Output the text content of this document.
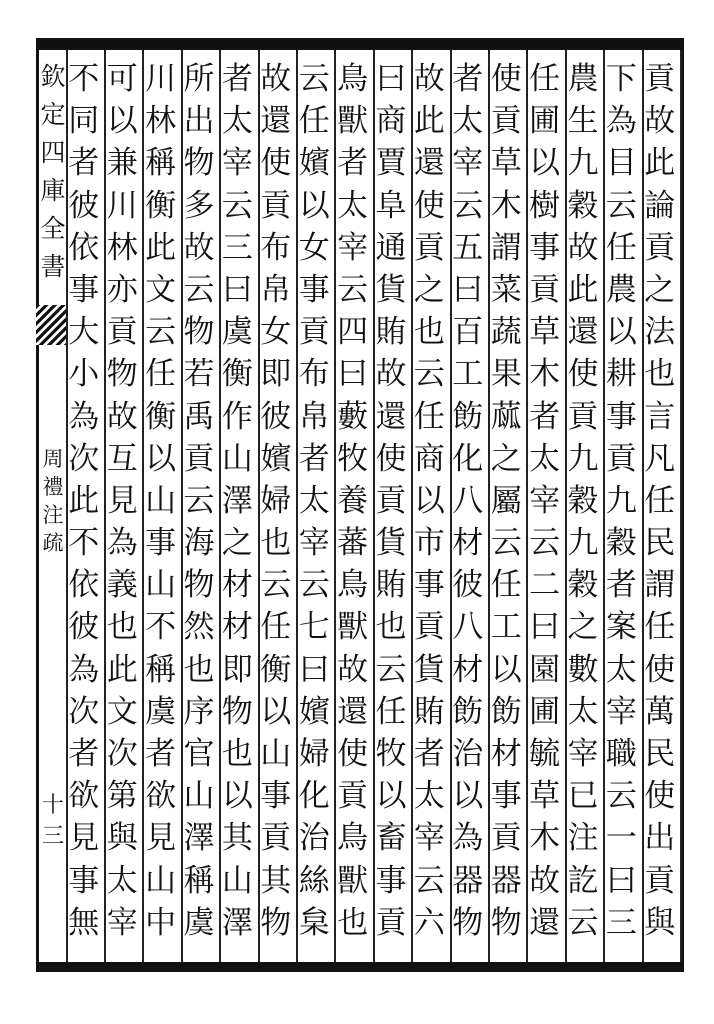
欽
定
四
庫
全
書
周
禮
注
疏
十三
貢
故
此
論
貢
之
法
也
言
凡
任
民
謂
任
使
萬
民
使
出
貢
與
下
為
目
云
任
農
以
耕
事
貢
九
穀
者
案
太
宰
職
云
一
曰
三
農
生
九
穀
故
此
還
使
貢
九
穀
九
穀
之
數
太
宰
已
注
訖
云
任
圃
以
樹
事
貢
草
木
者
太
宰
云
二
曰
園
圃
毓
草
木
故
還
使
貢
草
木
謂
菜
蔬
果
蓏
之
屬
云
任
工
以
飭
材
事
貢
器
物
者
太
宰
云
五
曰
百
工
飭
化
八
材
彼
八
材
飭
治
以
為
器
物
故
此
還
使
貢
之
也
云
任
商
以
市
事
貢
貨
賄
者
太
宰
云
六
曰
商
賈
阜
通
貨
賄
故
還
使
貢
貨
賄
也
云
任
牧
以
畜
事
貢
鳥
獸
者
太
宰
云
四
曰
藪
牧
養
蕃
鳥
獸
故
還
使
貢
鳥
獸
也
云
任
嬪
以
女
事
貢
布
帛
者
太
宰
云
七
曰
嬪
婦
化
治
絲
枲
故
還
使
貢
布
帛
女
即
彼
嬪
婦
也
云
任
衡
以
山
事
貢
其
物
者
太
宰
云
三
曰
虞
衡
作
山
澤
之
材
材
即
物
也
以
其
山
澤
所
出
物
多
故
云
物
若
禹
貢
云
海
物
然
也
序
官
山
澤
稱
虞
川
林
稱
衡
此
文
云
任
衡
以
山
事
山
不
稱
虞
者
欲
見
山
中
可
以
兼
川
林
亦
貢
物
故
互
見
為
義
也
此
文
次
第
與
太
宰
不
同
者
彼
依
事
大
小
為
次
此
不
依
彼
為
次
者
欲
見
事
無
